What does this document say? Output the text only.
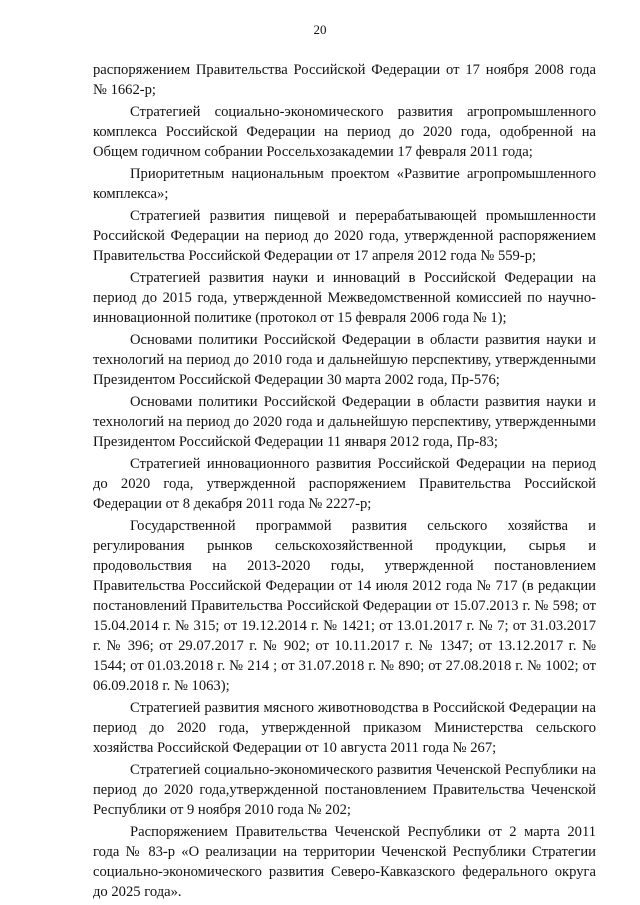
20

распоряжением Правительства Российской Федерации от 17 ноября 2008 года № 1662-р;

Стратегией социально-экономического развития агропромышленного комплекса Российской Федерации на период до 2020 года, одобренной на Общем годичном собрании Россельхозакадемии 17 февраля 2011 года;

Приоритетным национальным проектом «Развитие агропромышленного комплекса»;

Стратегией развития пищевой и перерабатывающей промышленности Российской Федерации на период до 2020 года, утвержденной распоряжением Правительства Российской Федерации от 17 апреля 2012 года № 559-р;

Стратегией развития науки и инноваций в Российской Федерации на период до 2015 года, утвержденной Межведомственной комиссией по научно-инновационной политике (протокол от 15 февраля 2006 года № 1);

Основами политики Российской Федерации в области развития науки и технологий на период до 2010 года и дальнейшую перспективу, утвержденными Президентом Российской Федерации 30 марта 2002 года, Пр-576;

Основами политики Российской Федерации в области развития науки и технологий на период до 2020 года и дальнейшую перспективу, утвержденными Президентом Российской Федерации 11 января 2012 года, Пр-83;

Стратегией инновационного развития Российской Федерации на период до 2020 года, утвержденной распоряжением Правительства Российской Федерации от 8 декабря 2011 года № 2227-р;

Государственной программой развития сельского хозяйства и регулирования рынков сельскохозяйственной продукции, сырья и продовольствия на 2013-2020 годы, утвержденной постановлением Правительства Российской Федерации от 14 июля 2012 года № 717 (в редакции постановлений Правительства Российской Федерации от 15.07.2013 г. № 598; от 15.04.2014 г. № 315; от 19.12.2014 г. № 1421; от 13.01.2017 г. № 7; от 31.03.2017 г. № 396; от 29.07.2017 г. № 902; от 10.11.2017 г. № 1347; от 13.12.2017 г. № 1544; от 01.03.2018 г. № 214 ; от 31.07.2018 г. № 890; от 27.08.2018 г. № 1002; от 06.09.2018 г. № 1063);

Стратегией развития мясного животноводства в Российской Федерации на период до 2020 года, утвержденной приказом Министерства сельского хозяйства Российской Федерации от 10 августа 2011 года № 267;

Стратегией социально-экономического развития Чеченской Республики на период до 2020 года,утвержденной постановлением Правительства Чеченской Республики от 9 ноября 2010 года № 202;

Распоряжением Правительства Чеченской Республики от 2 марта 2011 года № 83-р «О реализации на территории Чеченской Республики Стратегии социально-экономического развития Северо-Кавказского федерального округа до 2025 года».
